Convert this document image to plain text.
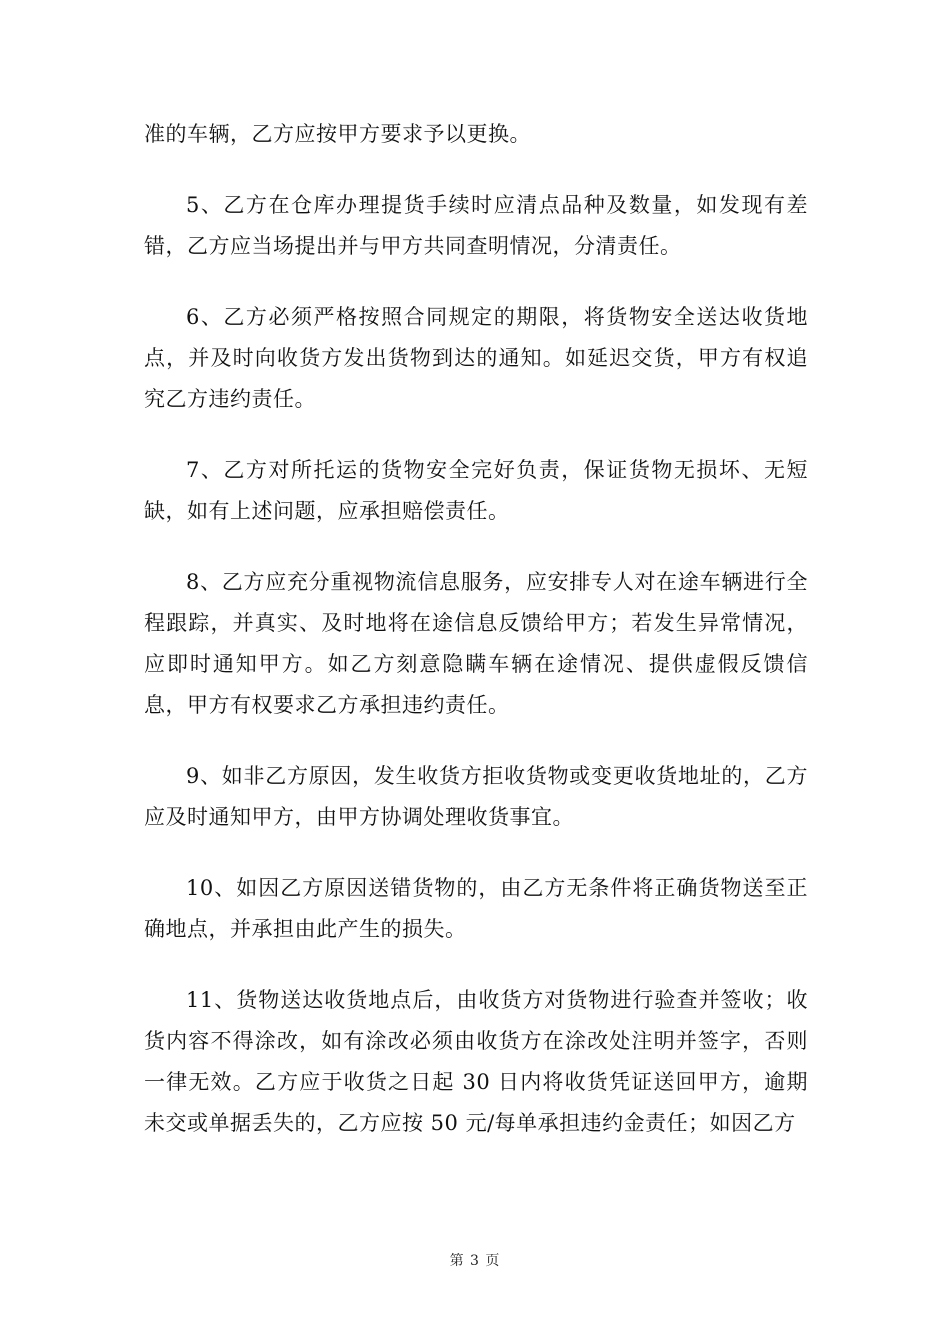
准的车辆，乙方应按甲方要求予以更换。

5、乙方在仓库办理提货手续时应清点品种及数量，如发现有差错，乙方应当场提出并与甲方共同查明情况，分清责任。

6、乙方必须严格按照合同规定的期限，将货物安全送达收货地点，并及时向收货方发出货物到达的通知。如延迟交货，甲方有权追究乙方违约责任。

7、乙方对所托运的货物安全完好负责，保证货物无损坏、无短缺，如有上述问题，应承担赔偿责任。

8、乙方应充分重视物流信息服务，应安排专人对在途车辆进行全程跟踪，并真实、及时地将在途信息反馈给甲方；若发生异常情况，应即时通知甲方。如乙方刻意隐瞒车辆在途情况、提供虚假反馈信息，甲方有权要求乙方承担违约责任。

9、如非乙方原因，发生收货方拒收货物或变更收货地址的，乙方应及时通知甲方，由甲方协调处理收货事宜。

10、如因乙方原因送错货物的，由乙方无条件将正确货物送至正确地点，并承担由此产生的损失。

11、货物送达收货地点后，由收货方对货物进行验查并签收；收货内容不得涂改，如有涂改必须由收货方在涂改处注明并签字，否则一律无效。乙方应于收货之日起 30 日内将收货凭证送回甲方，逾期未交或单据丢失的，乙方应按 50 元/每单承担违约金责任；如因乙方

第 3 页
